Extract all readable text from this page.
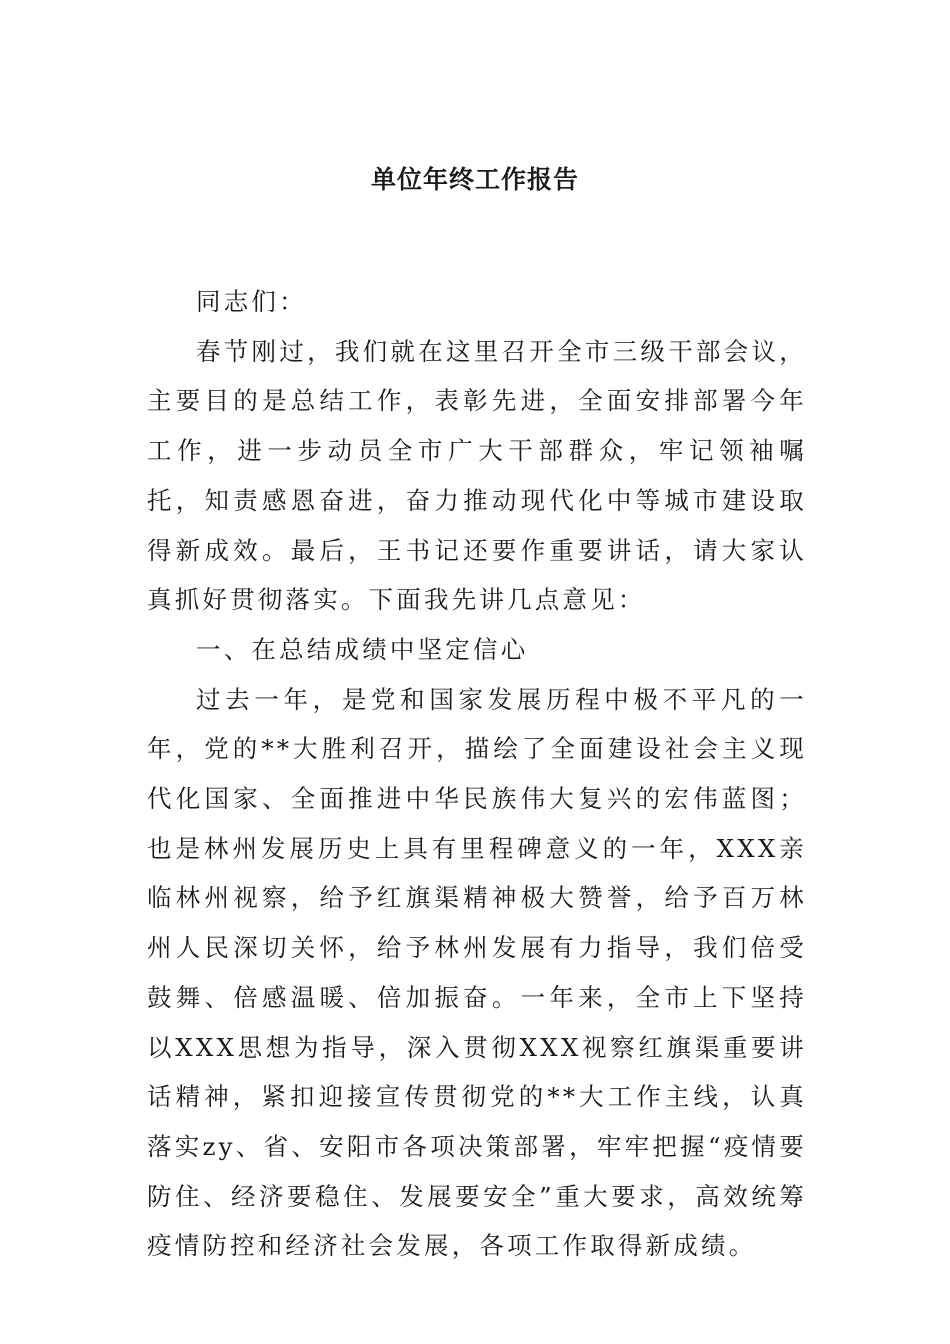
单位年终工作报告

同志们：

春节刚过，我们就在这里召开全市三级干部会议，主要目的是总结工作，表彰先进，全面安排部署今年工作，进一步动员全市广大干部群众，牢记领袖嘱托，知责感恩奋进，奋力推动现代化中等城市建设取得新成效。最后，王书记还要作重要讲话，请大家认真抓好贯彻落实。下面我先讲几点意见：

一、在总结成绩中坚定信心

过去一年，是党和国家发展历程中极不平凡的一年，党的**大胜利召开，描绘了全面建设社会主义现代化国家、全面推进中华民族伟大复兴的宏伟蓝图；也是林州发展历史上具有里程碑意义的一年，XXX亲临林州视察，给予红旗渠精神极大赞誉，给予百万林州人民深切关怀，给予林州发展有力指导，我们倍受鼓舞、倍感温暖、倍加振奋。一年来，全市上下坚持以XXX思想为指导，深入贯彻XXX视察红旗渠重要讲话精神，紧扣迎接宣传贯彻党的**大工作主线，认真落实zy、省、安阳市各项决策部署，牢牢把握“疫情要防住、经济要稳住、发展要安全”重大要求，高效统筹疫情防控和经济社会发展，各项工作取得新成绩。
